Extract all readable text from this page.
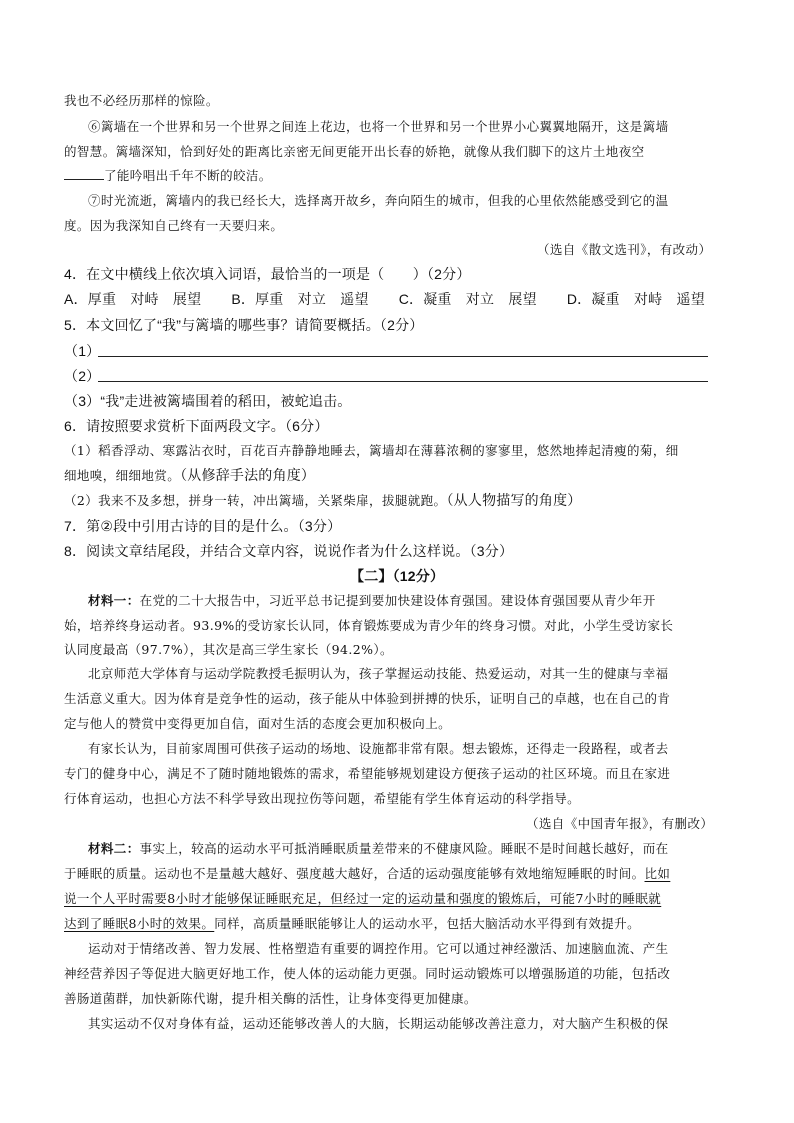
我也不必经历那样的惊险。

⑥篱墙在一个世界和另一个世界之间连上花边，也将一个世界和另一个世界小心翼翼地隔开，这是篱墙

的智慧。篱墙深知，恰到好处的距离比亲密无间更能开出长春的娇艳，就像从我们脚下的这片土地夜空

了能吟唱出千年不断的皎洁。

⑦时光流逝，篱墙内的我已经长大，选择离开故乡，奔向陌生的城市，但我的心里依然能感受到它的温

度。因为我深知自己终有一天要归来。

（选自《散文选刊》，有改动）

4．在文中横线上依次填入词语，最恰当的一项是（　　）（2分）

A．厚重　对峙　展望 B．厚重　对立　遥望 C．凝重　对立　展望 D．凝重　对峙　遥望

5．本文回忆了“我”与篱墙的哪些事？请简要概括。（2分）

（1）

（2）

（3）“我”走进被篱墙围着的稻田，被蛇追击。

6．请按照要求赏析下面两段文字。（6分）

（1）稻香浮动、寒露沾衣时，百花百卉静静地睡去，篱墙却在薄暮浓稠的寥寥里，悠然地捧起清瘦的菊，细

细地嗅，细细地赏。（从修辞手法的角度）

（2）我来不及多想，拼身一转，冲出篱墙，关紧柴扉，拔腿就跑。（从人物描写的角度）

7．第②段中引用古诗的目的是什么。（3分）

8．阅读文章结尾段，并结合文章内容，说说作者为什么这样说。（3分）

【二】（12分）

材料一：在党的二十大报告中，习近平总书记提到要加快建设体育强国。建设体育强国要从青少年开

始，培养终身运动者。93.9%的受访家长认同，体育锻炼要成为青少年的终身习惯。对此，小学生受访家长

认同度最高（97.7%），其次是高三学生家长（94.2%）。

北京师范大学体育与运动学院教授毛振明认为，孩子掌握运动技能、热爱运动，对其一生的健康与幸福

生活意义重大。因为体育是竞争性的运动，孩子能从中体验到拼搏的快乐，证明自己的卓越，也在自己的肯

定与他人的赞赏中变得更加自信，面对生活的态度会更加积极向上。

有家长认为，目前家周围可供孩子运动的场地、设施都非常有限。想去锻炼，还得走一段路程，或者去

专门的健身中心，满足不了随时随地锻炼的需求，希望能够规划建设方便孩子运动的社区环境。而且在家进

行体育运动，也担心方法不科学导致出现拉伤等问题，希望能有学生体育运动的科学指导。

（选自《中国青年报》，有删改）

材料二：事实上，较高的运动水平可抵消睡眠质量差带来的不健康风险。睡眠不是时间越长越好，而在

于睡眠的质量。运动也不是量越大越好、强度越大越好，合适的运动强度能够有效地缩短睡眠的时间。比如

说一个人平时需要8小时才能够保证睡眠充足，但经过一定的运动量和强度的锻炼后，可能7小时的睡眠就

达到了睡眠8小时的效果。同样，高质量睡眠能够让人的运动水平，包括大脑活动水平得到有效提升。

运动对于情绪改善、智力发展、性格塑造有重要的调控作用。它可以通过神经激活、加速脑血流、产生

神经营养因子等促进大脑更好地工作，使人体的运动能力更强。同时运动锻炼可以增强肠道的功能，包括改

善肠道菌群，加快新陈代谢，提升相关酶的活性，让身体变得更加健康。

其实运动不仅对身体有益，运动还能够改善人的大脑，长期运动能够改善注意力，对大脑产生积极的保
